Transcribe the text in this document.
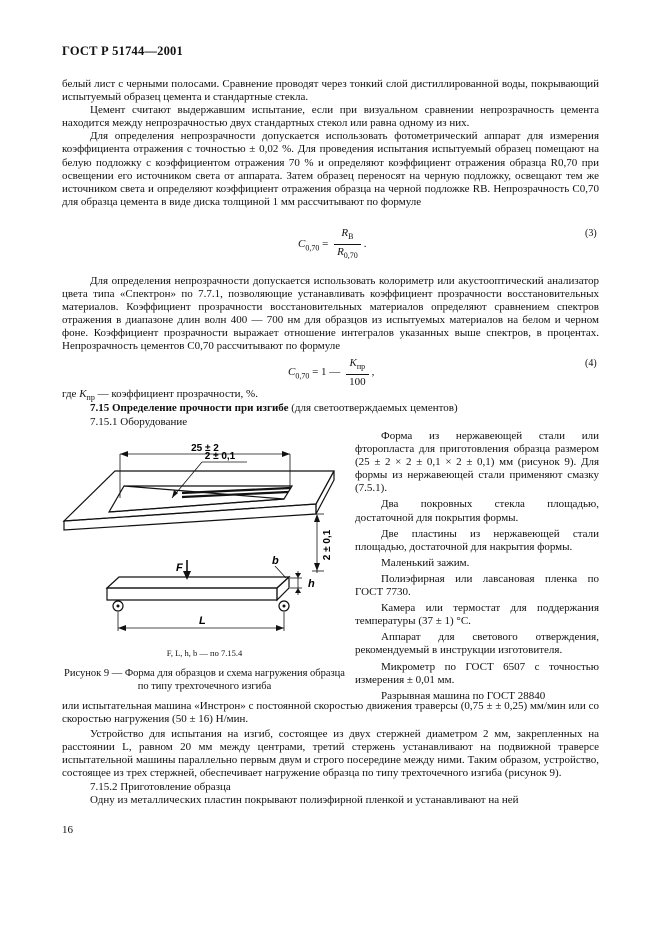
ГОСТ Р 51744—2001

белый лист с черными полосами. Сравнение проводят через тонкий слой дистиллированной воды, покрывающий испытуемый образец цемента и стандартные стекла.

Цемент считают выдержавшим испытание, если при визуальном сравнении непрозрачность цемента находится между непрозрачностью двух стандартных стекол или равна одному из них.

Для определения непрозрачности допускается использовать фотометрический аппарат для измерения коэффициента отражения с точностью ± 0,02 %. Для проведения испытания испытуемый образец помещают на белую подложку с коэффициентом отражения 70 % и определяют коэффициент отражения образца R0,70 при освещении его источником света от аппарата. Затем образец переносят на черную подложку, освещают тем же источником света и определяют коэффициент отражения образца на черной подложке RB. Непрозрачность C0,70 для образца цемента в виде диска толщиной 1 мм рассчитывают по формуле

$C_{0,70} = \frac{R_B}{R_{0,70}}$ .
(3)

Для определения непрозрачности допускается использовать колориметр или акустооптический анализатор цвета типа «Спектрон» по 7.7.1, позволяющие устанавливать коэффициент прозрачности восстановительных материалов. Коэффициент прозрачности восстановительных материалов определяют сравнением спектров отражения в диапазоне длин волн 400 — 700 нм для образцов из испытуемых материалов на белом и черном фоне. Коэффициент прозрачности выражает отношение интегралов указанных выше спектров, в процентах. Непрозрачность цементов C0,70 рассчитывают по формуле

$C_{0,70} = 1$ — $\frac{K_{пр}}{100}$ ,
(4)
где $K_{пр}$ — коэффициент прозрачности, %.
7.15 Определение прочности при изгибе (для светоотверждаемых цементов)
7.15.1 Оборудование
25 ± 2
2 ± 0,1
2 ± 0,1
F
b
h
L
F, L, h, b — по 7.15.4
Рисунок 9 — Форма для образцов и схема нагружения образца по типу трехточечного изгиба

Форма из нержавеющей стали или фторопласта для приготовления образца размером (25 ± 2 × 2 ± 0,1 × 2 ± 0,1) мм (рисунок 9). Для формы из нержавеющей стали применяют смазку (7.5.1).

Два покровных стекла площадью, достаточной для покрытия формы.

Две пластины из нержавеющей стали площадью, достаточной для накрытия формы.

Маленький зажим.

Полиэфирная или лавсановая пленка по ГОСТ 7730.

Камера или термостат для поддержания температуры (37 ± 1) °C.

Аппарат для светового отверждения, рекомендуемый в инструкции изготовителя.

Микрометр по ГОСТ 6507 с точностью измерения ± 0,01 мм.

Разрывная машина по ГОСТ 28840

или испытательная машина «Инстрон» с постоянной скоростью движения траверсы (0,75 ± ± 0,25) мм/мин или со скоростью нагружения (50 ± 16) Н/мин.

Устройство для испытания на изгиб, состоящее из двух стержней диаметром 2 мм, закрепленных на расстоянии L, равном 20 мм между центрами, третий стержень устанавливают на подвижной траверсе испытательной машины параллельно первым двум и строго посередине между ними. Таким образом, устройство, состоящее из трех стержней, обеспечивает нагружение образца по типу трехточечного изгиба (рисунок 9).

7.15.2 Приготовление образца

Одну из металлических пластин покрывают полиэфирной пленкой и устанавливают на ней

16
